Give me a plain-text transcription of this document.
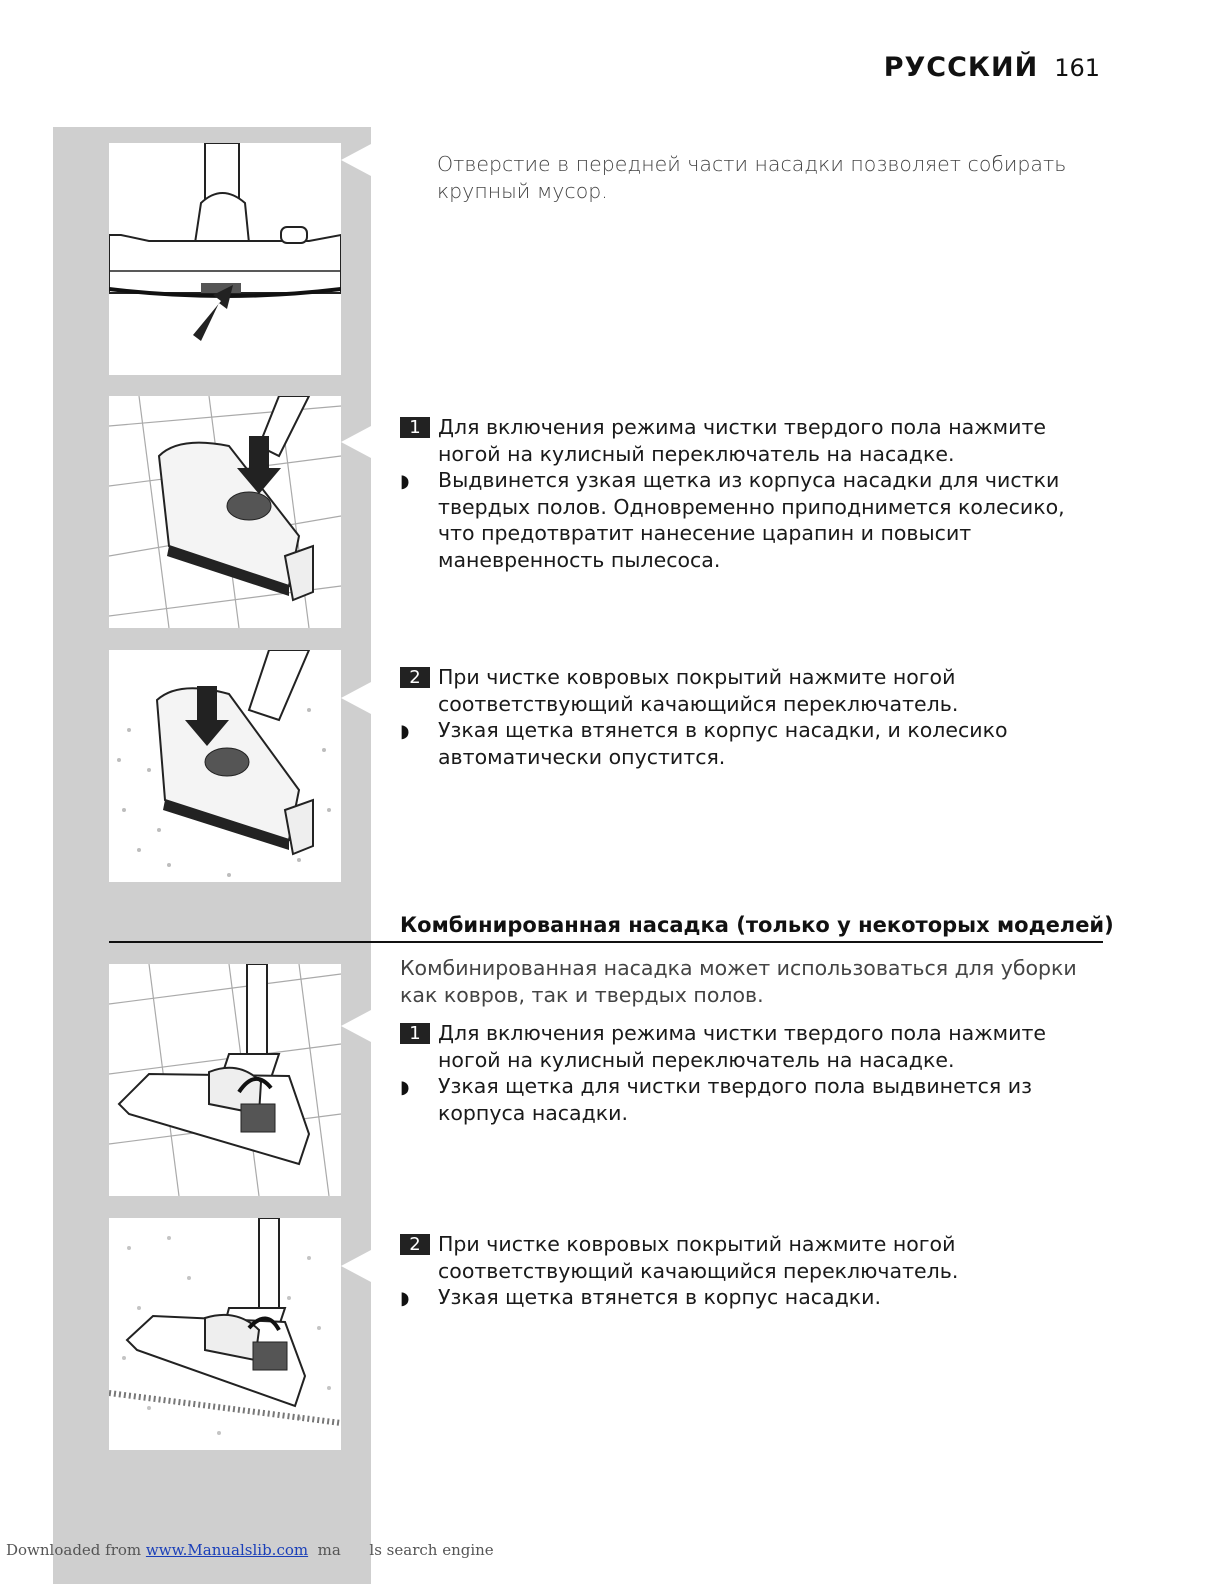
РУССКИЙ 161

Отверстие в передней части насадки позволяет собирать крупный мусор.

1 Для включения режима чистки твердого пола нажмите ногой на кулисный переключатель на насадке.

◗ Выдвинется узкая щетка из корпуса насадки для чистки твердых полов. Одновременно приподнимется колесико, что предотвратит нанесение царапин и повысит маневренность пылесоса.

2 При чистке ковровых покрытий нажмите ногой соответствующий качающийся переключатель.

◗ Узкая щетка втянется в корпус насадки, и колесико автоматически опустится.

Комбинированная насадка (только у некоторых моделей)

Комбинированная насадка может использоваться для уборки как ковров, так и твердых полов.

1 Для включения режима чистки твердого пола нажмите ногой на кулисный переключатель на насадке.

◗ Узкая щетка для чистки твердого пола выдвинется из корпуса насадки.

2 При чистке ковровых покрытий нажмите ногой соответствующий качающийся переключатель.

◗ Узкая щетка втянется в корпус насадки.

Downloaded from www.Manualslib.com  ma      ls search engine
